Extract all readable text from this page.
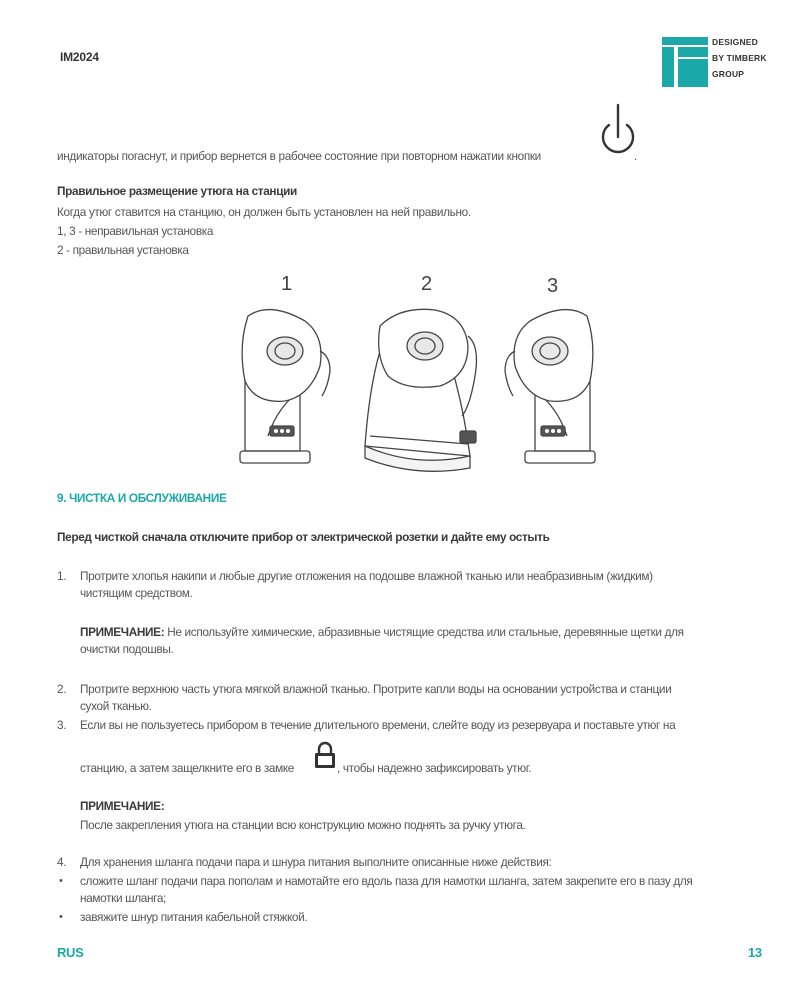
IM2024
DESIGNED
BY TIMBERK
GROUP
индикаторы погаснут, и прибор вернется в рабочее состояние при повторном нажатии кнопки	.
Правильное размещение утюга на станции
Когда утюг ставится на станцию, он должен быть установлен на ней правильно.
1, 3 - неправильная установка
2 - правильная установка
1	2	3
9. ЧИСТКА И ОБСЛУЖИВАНИЕ
Перед чисткой сначала отключите прибор от электрической розетки и дайте ему остыть
1. Протрите хлопья накипи и любые другие отложения на подошве влажной тканью или неабразивным (жидким)
чистящим средством.
ПРИМЕЧАНИЕ: Не используйте химические, абразивные чистящие средства или стальные, деревянные щетки для
очистки подошвы.
2. Протрите верхнюю часть утюга мягкой влажной тканью. Протрите капли воды на основании устройства и станции
сухой тканью.
3. Если вы не пользуетесь прибором в течение длительного времени, слейте воду из резервуара и поставьте утюг на
станцию, а затем защелкните его в замке	, чтобы надежно зафиксировать утюг.
ПРИМЕЧАНИЕ:
После закрепления утюга на станции всю конструкцию можно поднять за ручку утюга.
4. Для хранения шланга подачи пара и шнура питания выполните описанные ниже действия:
• сложите шланг подачи пара пополам и намотайте его вдоль паза для намотки шланга, затем закрепите его в пазу для
намотки шланга;
• завяжите шнур питания кабельной стяжкой.
RUS	13
